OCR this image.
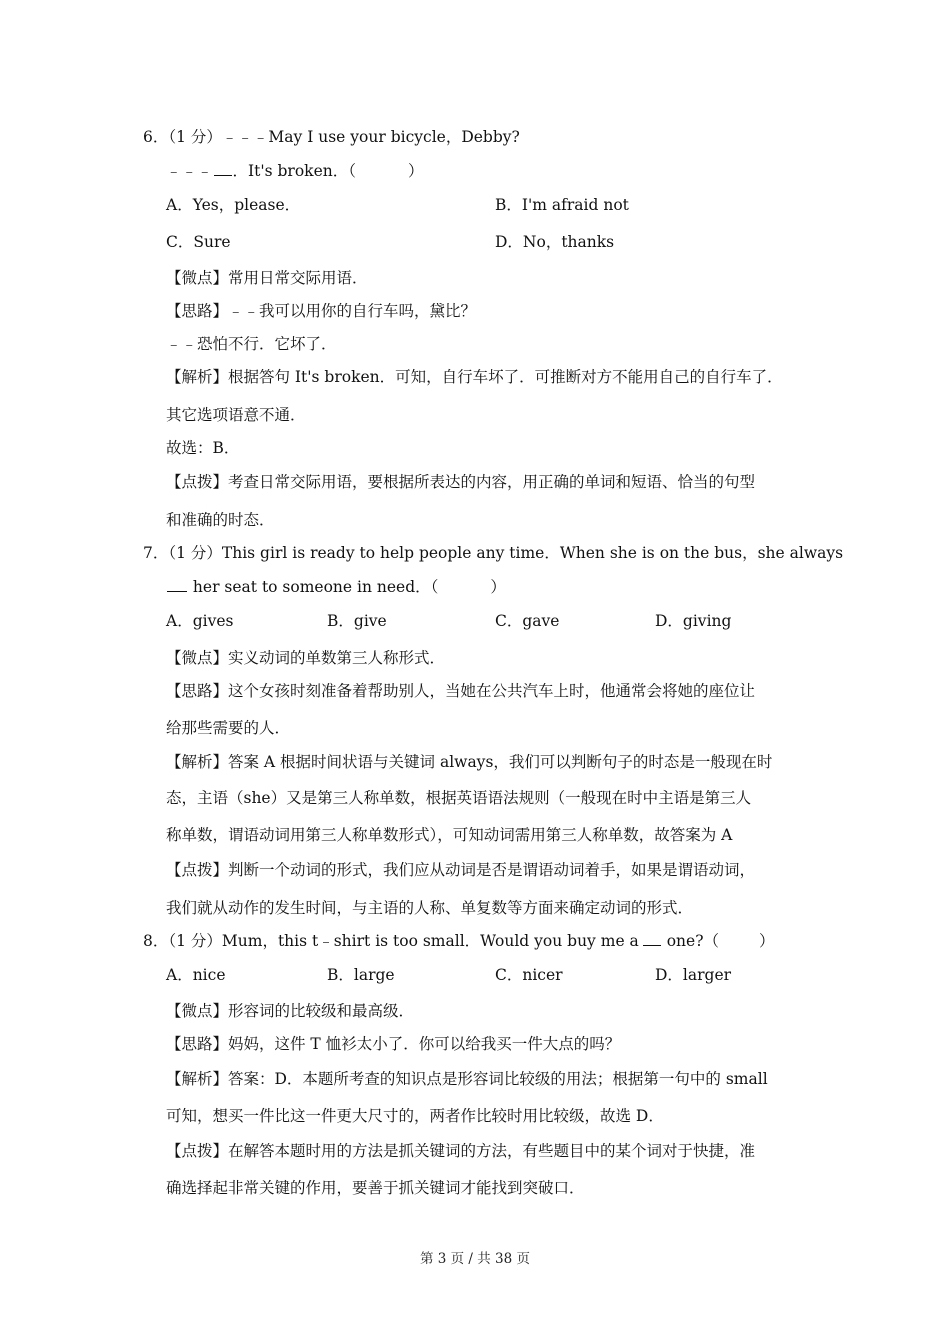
6．（1 分）﹣﹣﹣May I use your bicycle，Debby?
﹣﹣﹣ ．It's broken．（	）
A．Yes，please．	B．I'm afraid not
C．Sure	D．No，thanks
【微点】常用日常交际用语．
【思路】﹣﹣我可以用你的自行车吗，黛比？
﹣﹣恐怕不行．它坏了．
【解析】根据答句 It's broken．可知，自行车坏了．可推断对方不能用自己的自行车了．
其它选项语意不通．
故选：B．
【点拨】考查日常交际用语，要根据所表达的内容，用正确的单词和短语、恰当的句型
和准确的时态．
7．（1 分）This girl is ready to help people any time．When she is on the bus，she always
her seat to someone in need．（	）
A．gives	B．give	C．gave	D．giving
【微点】实义动词的单数第三人称形式．
【思路】这个女孩时刻准备着帮助别人，当她在公共汽车上时，他通常会将她的座位让
给那些需要的人．
【解析】答案 A 根据时间状语与关键词 always，我们可以判断句子的时态是一般现在时
态，主语（she）又是第三人称单数，根据英语语法规则（一般现在时中主语是第三人
称单数，谓语动词用第三人称单数形式），可知动词需用第三人称单数，故答案为 A
【点拨】判断一个动词的形式，我们应从动词是否是谓语动词着手，如果是谓语动词，
我们就从动作的发生时间，与主语的人称、单复数等方面来确定动词的形式．
8．（1 分）Mum，this t﹣shirt is too small．Would you buy me a one?（	）
A．nice	B．large	C．nicer	D．larger
【微点】形容词的比较级和最高级．
【思路】妈妈，这件 T 恤衫太小了．你可以给我买一件大点的吗？
【解析】答案：D．本题所考查的知识点是形容词比较级的用法；根据第一句中的 small
可知，想买一件比这一件更大尺寸的，两者作比较时用比较级，故选 D．
【点拨】在解答本题时用的方法是抓关键词的方法，有些题目中的某个词对于快捷，准
确选择起非常关键的作用，要善于抓关键词才能找到突破口．
第 3 页 / 共 38 页
